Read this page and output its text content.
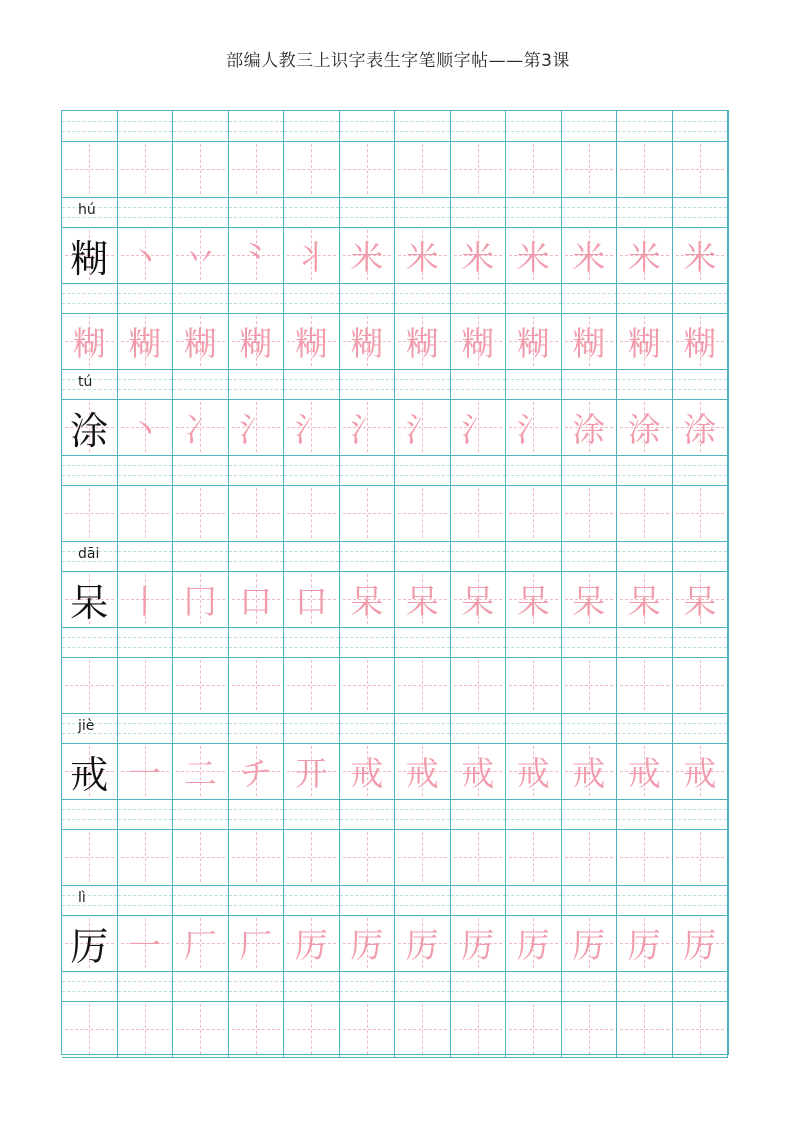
部编人教三上识字表生字笔顺字帖——第3课
hú
糊 丶 丷 ⺀ 丬 米 米 米 米 米 米 米
糊 糊 糊 糊 糊 糊 糊 糊 糊 糊 糊 糊
tú
涂 丶 冫 氵 氵 氵 氵 氵 氵 涂 涂 涂
dāi
呆 丨 冂 口 口 呆 呆 呆 呆 呆 呆 呆
jiè
戒 一 二 チ 开 戒 戒 戒 戒 戒 戒 戒
lì
厉 一 厂 厂 厉 厉 厉 厉 厉 厉 厉 厉
